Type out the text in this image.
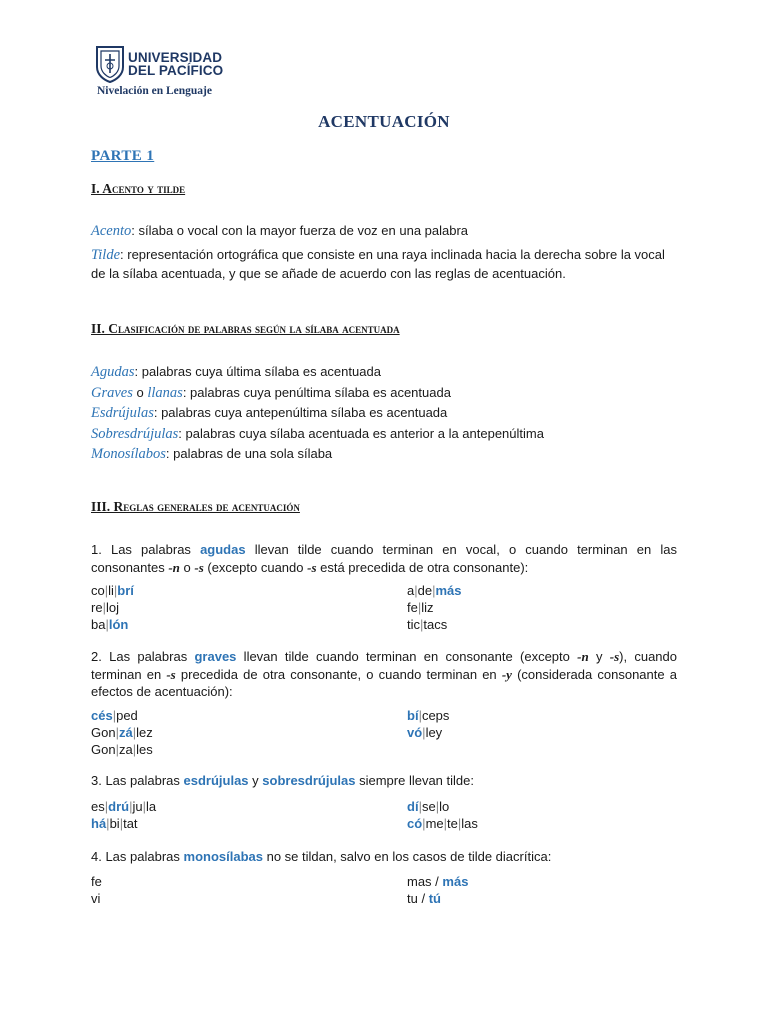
UNIVERSIDAD
DEL PACÍFICO
Nivelación en Lenguaje
ACENTUACIÓN
PARTE 1
I. Acento y tilde
Acento: sílaba o vocal con la mayor fuerza de voz en una palabra
Tilde: representación ortográfica que consiste en una raya inclinada hacia la derecha sobre la vocal de la sílaba acentuada, y que se añade de acuerdo con las reglas de acentuación.
II. Clasificación de palabras según la sílaba acentuada
Agudas: palabras cuya última sílaba es acentuada
Graves o llanas: palabras cuya penúltima sílaba es acentuada
Esdrújulas: palabras cuya antepenúltima sílaba es acentuada
Sobresdrújulas: palabras cuya sílaba acentuada es anterior a la antepenúltima
Monosílabos: palabras de una sola sílaba
III. Reglas generales de acentuación
1. Las palabras agudas llevan tilde cuando terminan en vocal, o cuando terminan en las consonantes -n o -s (excepto cuando -s está precedida de otra consonante):
co|li|brí
re|loj
ba|lón
a|de|más
fe|liz
tic|tacs
2. Las palabras graves llevan tilde cuando terminan en consonante (excepto -n y -s), cuando terminan en -s precedida de otra consonante, o cuando terminan en -y (considerada consonante a efectos de acentuación):
cés|ped
Gon|zá|lez
Gon|za|les
bí|ceps
vó|ley
3. Las palabras esdrújulas y sobresdrújulas siempre llevan tilde:
es|drú|ju|la
há|bi|tat
dí|se|lo
có|me|te|las
4. Las palabras monosílabas no se tildan, salvo en los casos de tilde diacrítica:
fe
vi
mas / más
tu / tú
